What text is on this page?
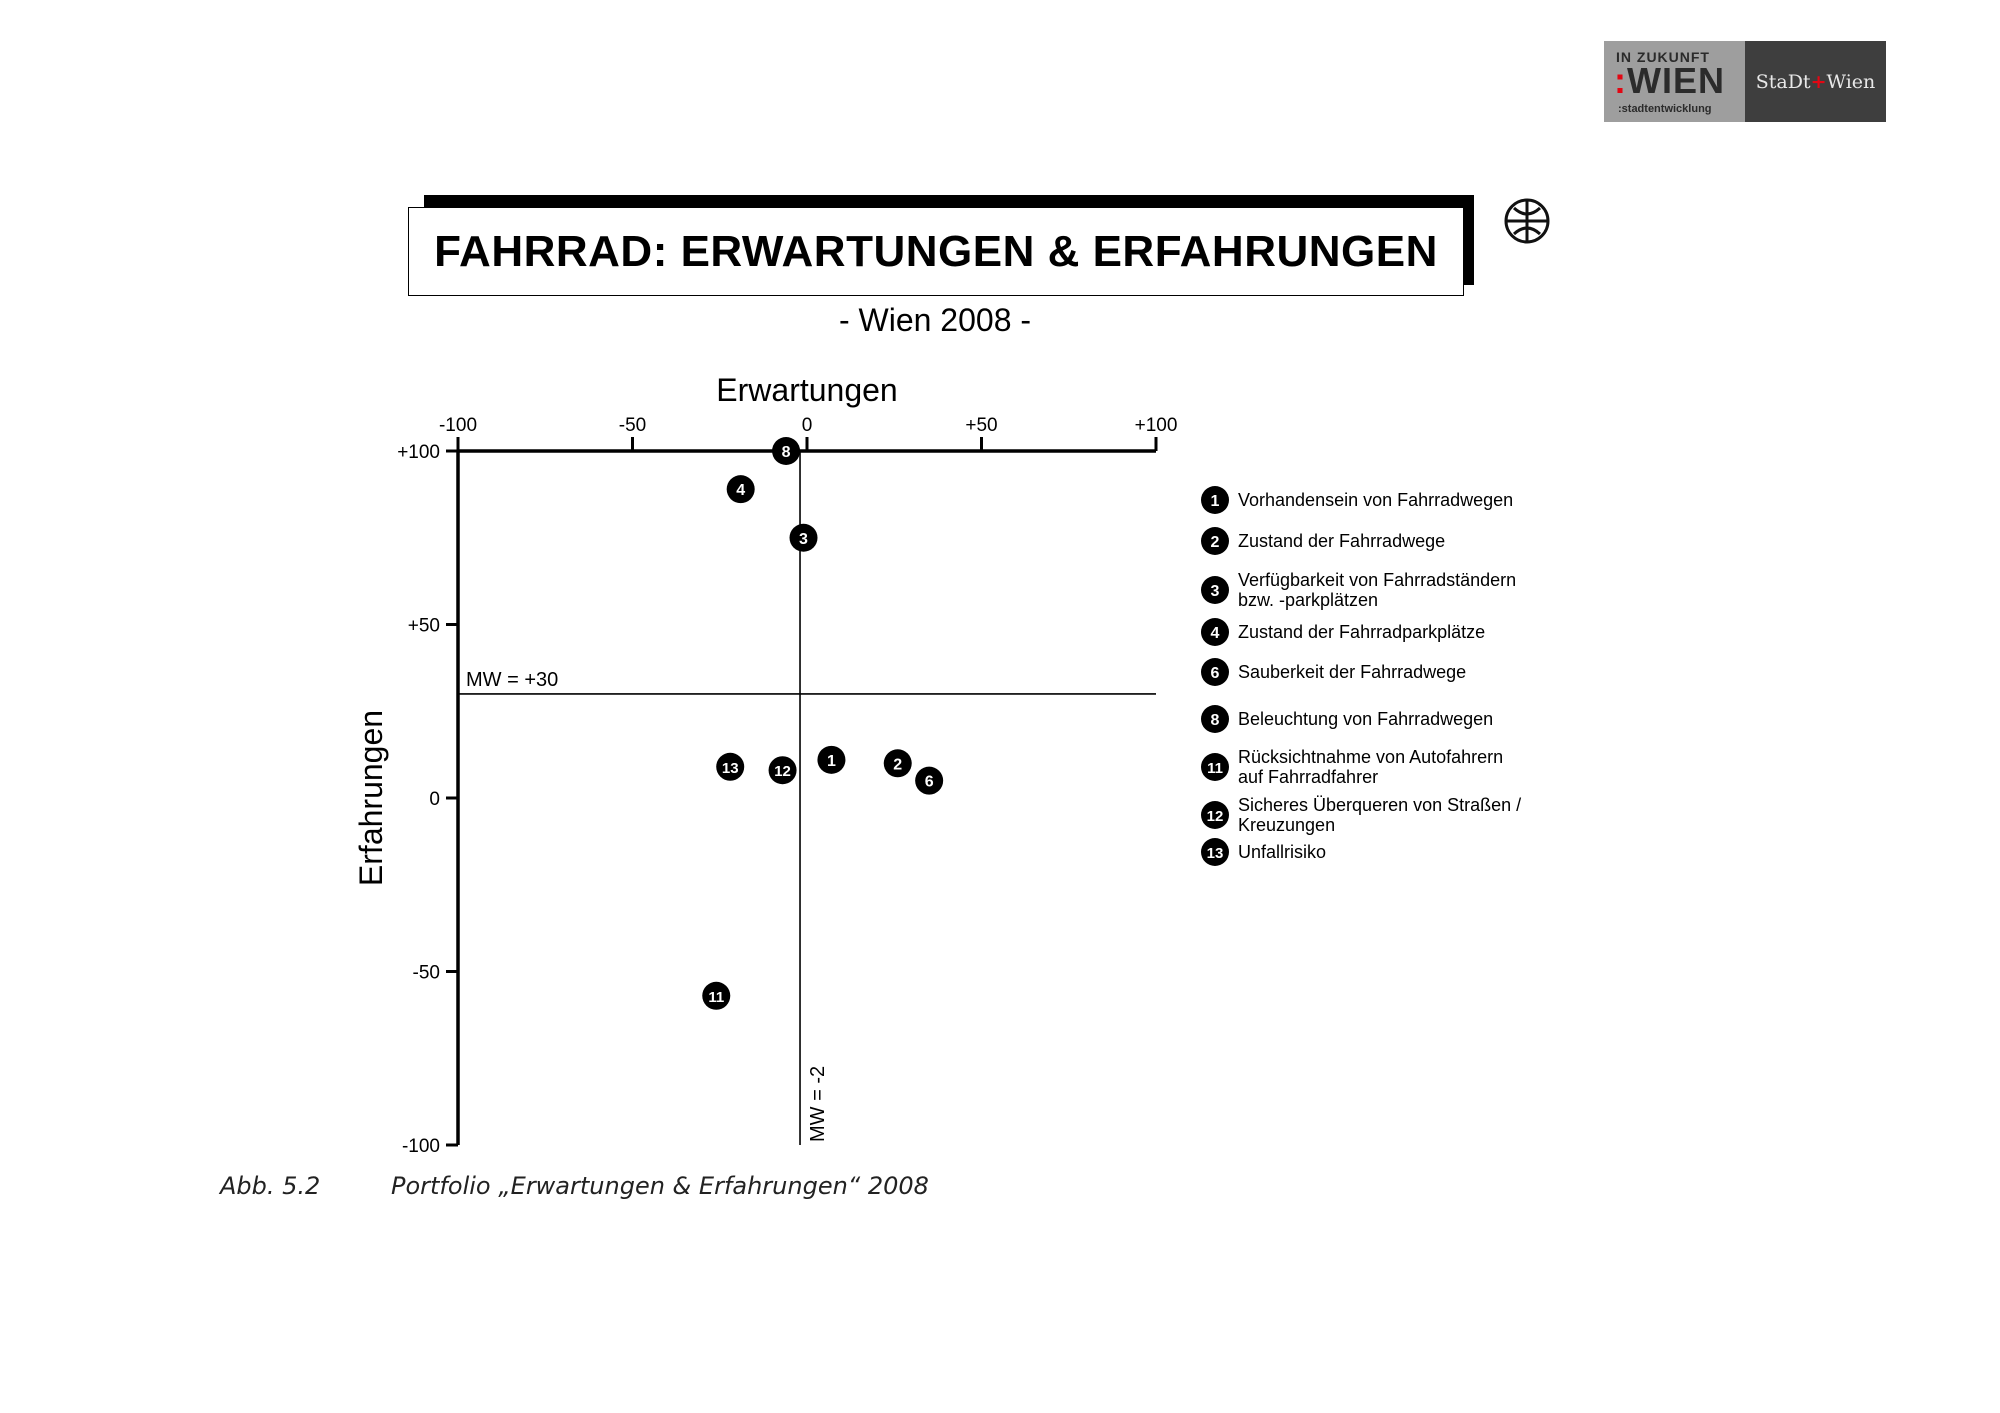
IN ZUKUNFT
:WIEN
:stadtentwicklung
StaDt+Wien
FAHRRAD: ERWARTUNGEN & ERFAHRUNGEN
- Wien 2008 -
-100	-50	0	+50	+100
+100
+50
0
-50
-100
Erwartungen
Erfahrungen
MW = +30
MW = -2
1	2
3
4
6
8
11
12
13
1 Vorhandensein von Fahrradwegen
2 Zustand der Fahrradwege
3
Verfügbarkeit von Fahrradständern
bzw. -parkplätzen
4 Zustand der Fahrradparkplätze
6 Sauberkeit der Fahrradwege
8 Beleuchtung von Fahrradwegen
11
Rücksichtnahme von Autofahrern
auf Fahrradfahrer
12
Sicheres Überqueren von Straßen /
Kreuzungen
13 Unfallrisiko
Abb. 5.2	Portfolio „Erwartungen & Erfahrungen“ 2008
